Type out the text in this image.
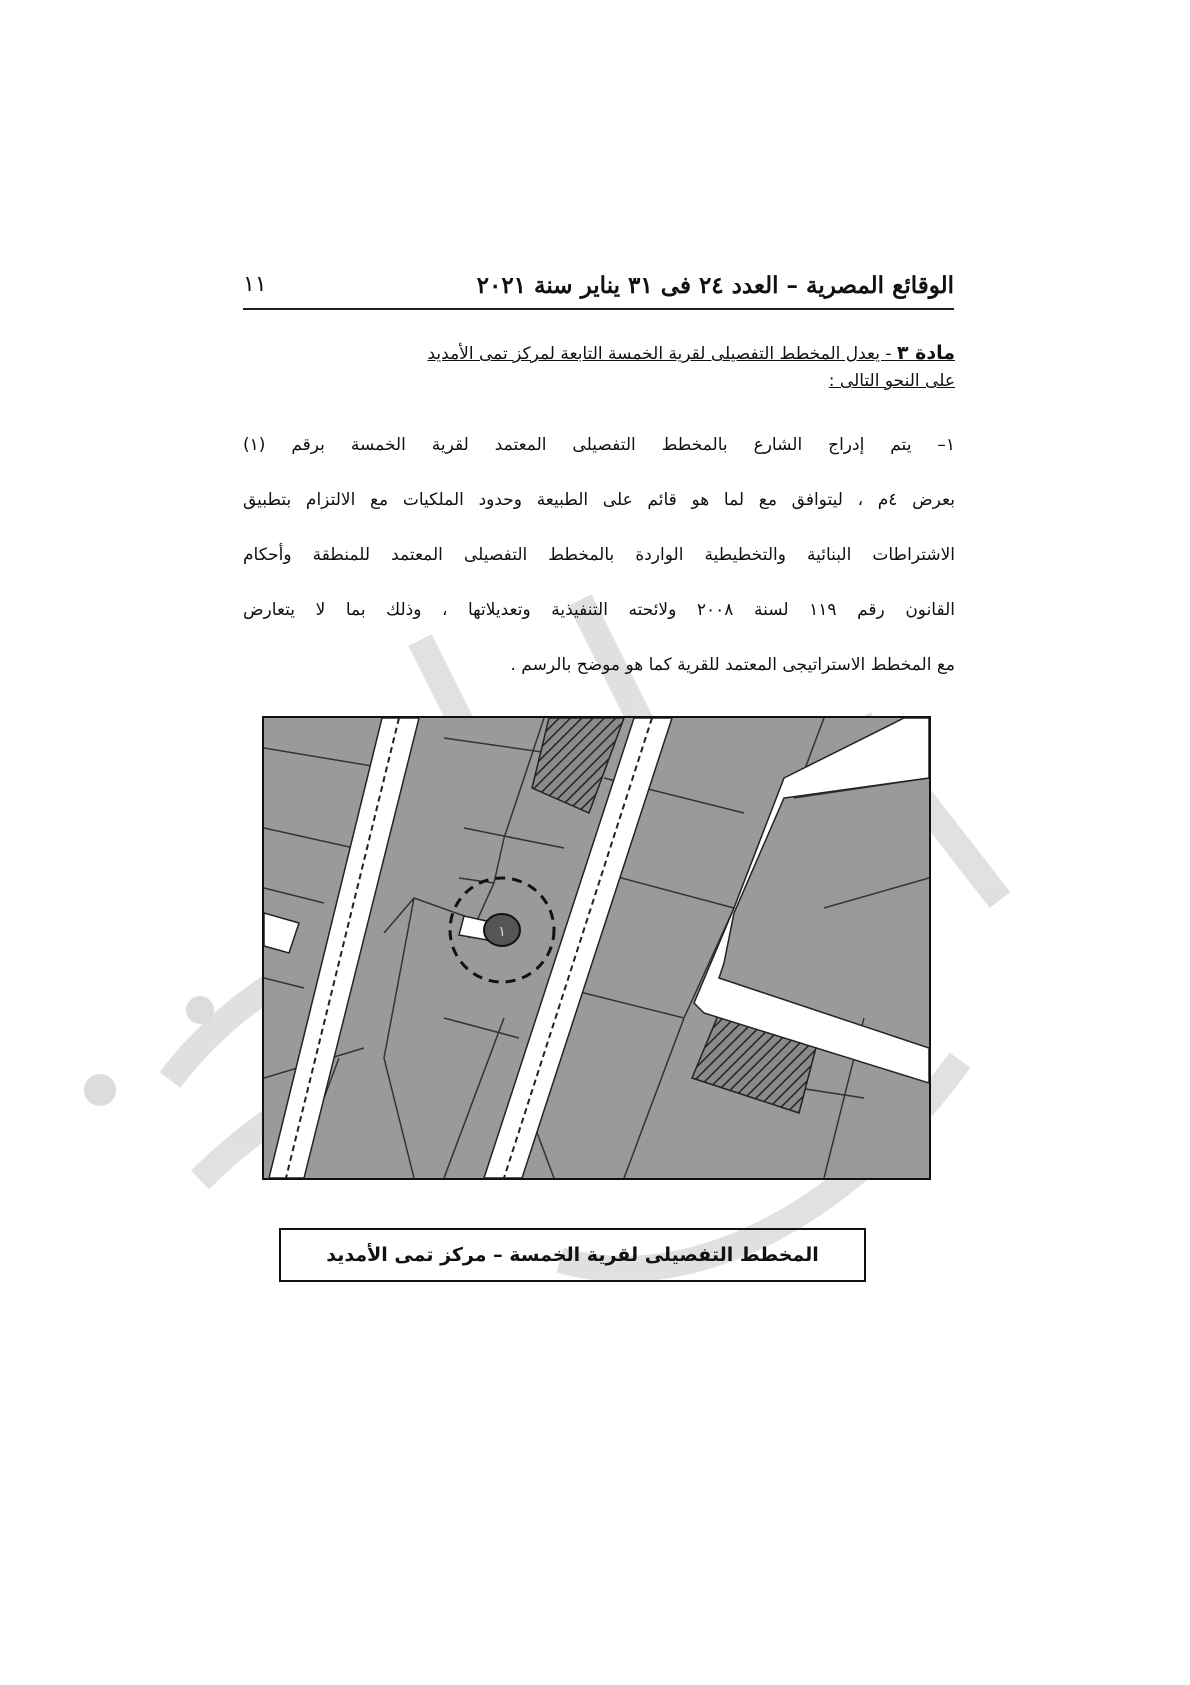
الوقائع المصرية – العدد ٢٤ فى ٣١ يناير سنة ٢٠٢١
١١
مادة ٣ - يعدل المخطط التفصيلى لقرية الخمسة التابعة لمركز تمى الأمديد
على النحو التالى :
١– يتم إدراج الشارع بالمخطط التفصيلى المعتمد لقرية الخمسة برقم (١)
بعرض ٤م ، ليتوافق مع لما هو قائم على الطبيعة وحدود الملكيات مع الالتزام بتطبيق
الاشتراطات البنائية والتخطيطية الواردة بالمخطط التفصيلى المعتمد للمنطقة وأحكام
القانون رقم ١١٩ لسنة ٢٠٠٨ ولائحته التنفيذية وتعديلاتها ، وذلك بما لا يتعارض
مع المخطط الاستراتيجى المعتمد للقرية كما هو موضح بالرسم .
١
المخطط التفصيلى لقرية الخمسة – مركز تمى الأمديد
